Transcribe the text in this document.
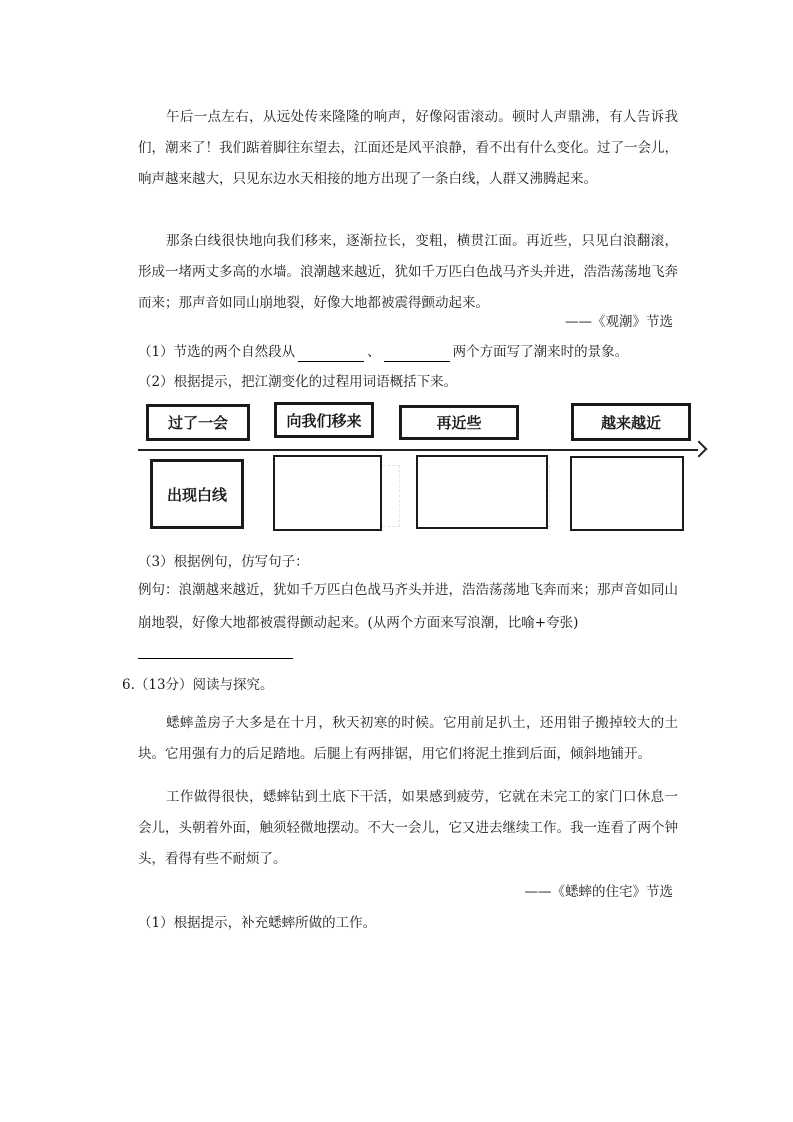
午后一点左右，从远处传来隆隆的响声，好像闷雷滚动。顿时人声鼎沸，有人告诉我们，潮来了！我们踮着脚往东望去，江面还是风平浪静，看不出有什么变化。过了一会儿，响声越来越大，只见东边水天相接的地方出现了一条白线，人群又沸腾起来。

那条白线很快地向我们移来，逐渐拉长，变粗，横贯江面。再近些，只见白浪翻滚，形成一堵两丈多高的水墙。浪潮越来越近，犹如千万匹白色战马齐头并进，浩浩荡荡地飞奔而来；那声音如同山崩地裂，好像大地都被震得颤动起来。

——《观潮》节选
（1）节选的两个自然段从	、	两个方面写了潮来时的景象。
（2）根据提示，把江潮变化的过程用词语概括下来。
过了一会	向我们移来	再近些	越来越近
出现白线
（3）根据例句，仿写句子：

例句：浪潮越来越近，犹如千万匹白色战马齐头并进，浩浩荡荡地飞奔而来；那声音如同山崩地裂，好像大地都被震得颤动起来。(从两个方面来写浪潮，比喻+夸张)

6.（13分）阅读与探究。

蟋蟀盖房子大多是在十月，秋天初寒的时候。它用前足扒土，还用钳子搬掉较大的土块。它用强有力的后足踏地。后腿上有两排锯，用它们将泥土推到后面，倾斜地铺开。

工作做得很快，蟋蟀钻到土底下干活，如果感到疲劳，它就在未完工的家门口休息一会儿，头朝着外面，触须轻微地摆动。不大一会儿，它又进去继续工作。我一连看了两个钟头，看得有些不耐烦了。

——《蟋蟀的住宅》节选
（1）根据提示，补充蟋蟀所做的工作。
